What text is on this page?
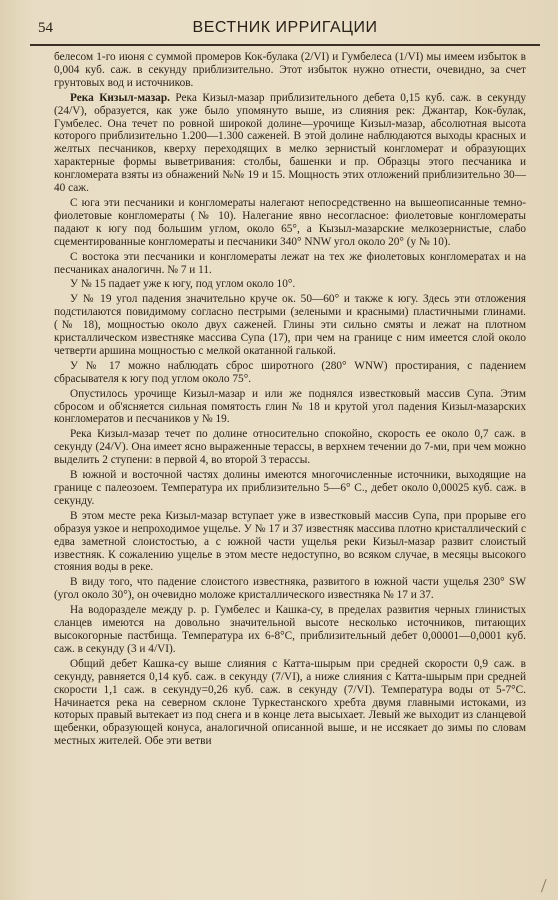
54	ВЕСТНИК ИРРИГАЦИИ

белесом 1-го июня с суммой промеров Кок-булака (2/VI) и Гумбелеса (1/VI) мы имеем избыток в 0,004 куб. саж. в секунду приблизительно. Этот избыток нужно отнести, очевидно, за счет грунтовых вод и источников.

Река Кизыл-мазар. Река Кизыл-мазар приблизительного дебета 0,15 куб. саж. в секунду (24/V), образуется, как уже было упомянуто выше, из слияния рек: Джантар, Кок-булак, Гумбелес. Она течет по ровной широкой долине—урочище Кизыл-мазар, абсолютная высота которого приблизительно 1.200—1.300 саженей. В этой долине наблюдаются выходы красных и желтых песчаников, кверху переходящих в мелко зернистый конгломерат и образующих характерные формы выветривания: столбы, башенки и пр. Образцы этого песчаника и конгломерата взяты из обнажений №№ 19 и 15. Мощность этих отложений приблизительно 30—40 саж.

С юга эти песчаники и конгломераты налегают непосредственно на вышеописанные темно-фиолетовые конгломераты (№ 10). Налегание явно несогласное: фиолетовые конгломераты падают к югу под большим углом, около 65°, а Кызыл-мазарские мелкозернистые, слабо сцементированные конгломераты и песчаники 340° NNW угол около 20° (у № 10).

С востока эти песчаники и конгломераты лежат на тех же фиолетовых конгломератах и на песчаниках аналогичн. № 7 и 11.

У № 15 падает уже к югу, под углом около 10°.

У № 19 угол падения значительно круче ок. 50—60° и также к югу. Здесь эти отложения подстилаются повидимому согласно пестрыми (зелеными и красными) пластичными глинами. (№ 18), мощностью около двух саженей. Глины эти сильно смяты и лежат на плотном кристаллическом известняке массива Супа (17), при чем на границе с ним имеется слой около четверти аршина мощностью с мелкой окатанной галькой.

У № 17 можно наблюдать сброс широтного (280° WNW) простирания, с падением сбрасывателя к югу под углом около 75°.

Опустилось урочище Кизыл-мазар и или же поднялся известковый массив Супа. Этим сбросом и об'ясняется сильная помятость глин № 18 и крутой угол падения Кизыл-мазарских конгломератов и песчаников у № 19.

Река Кизыл-мазар течет по долине относительно спокойно, скорость ее около 0,7 саж. в секунду (24/V). Она имеет ясно выраженные терассы, в верхнем течении до 7-ми, при чем можно выделить 2 ступени: в первой 4, во второй 3 терассы.

В южной и восточной частях долины имеются многочисленные источники, выходящие на границе с палеозоем. Температура их приблизительно 5—6° С., дебет около 0,00025 куб. саж. в секунду.

В этом месте река Кизыл-мазар вступает уже в известковый массив Супа, при прорыве его образуя узкое и непроходимое ущелье. У № 17 и 37 известняк массива плотно кристаллический с едва заметной слоистостью, а с южной части ущелья реки Кизыл-мазар развит слоистый известняк. К сожалению ущелье в этом месте недоступно, во всяком случае, в месяцы высокого стояния воды в реке.

В виду того, что падение слоистого известняка, развитого в южной части ущелья 230° SW (угол около 30°), он очевидно моложе кристаллического известняка № 17 и 37.

На водоразделе между р. р. Гумбелес и Кашка-су, в пределах развития черных глинистых сланцев имеются на довольно значительной высоте несколько источников, питающих высокогорные пастбища. Температура их 6-8°С, приблизительный дебет 0,00001—0,0001 куб. саж. в секунду (3 и 4/VI).

Общий дебет Кашка-су выше слияния с Катта-шырым при средней скорости 0,9 саж. в секунду, равняется 0,14 куб. саж. в секунду (7/VI), а ниже слияния с Катта-шырым при средней скорости 1,1 саж. в секунду=0,26 куб. саж. в секунду (7/VI). Температура воды от 5-7°С. Начинается река на северном склоне Туркестанского хребта двумя главными истоками, из которых правый вытекает из под снега и в конце лета высыхает. Левый же выходит из сланцевой щебенки, образующей конуса, аналогичной описанной выше, и не иссякает до зимы по словам местных жителей. Обе эти ветви
